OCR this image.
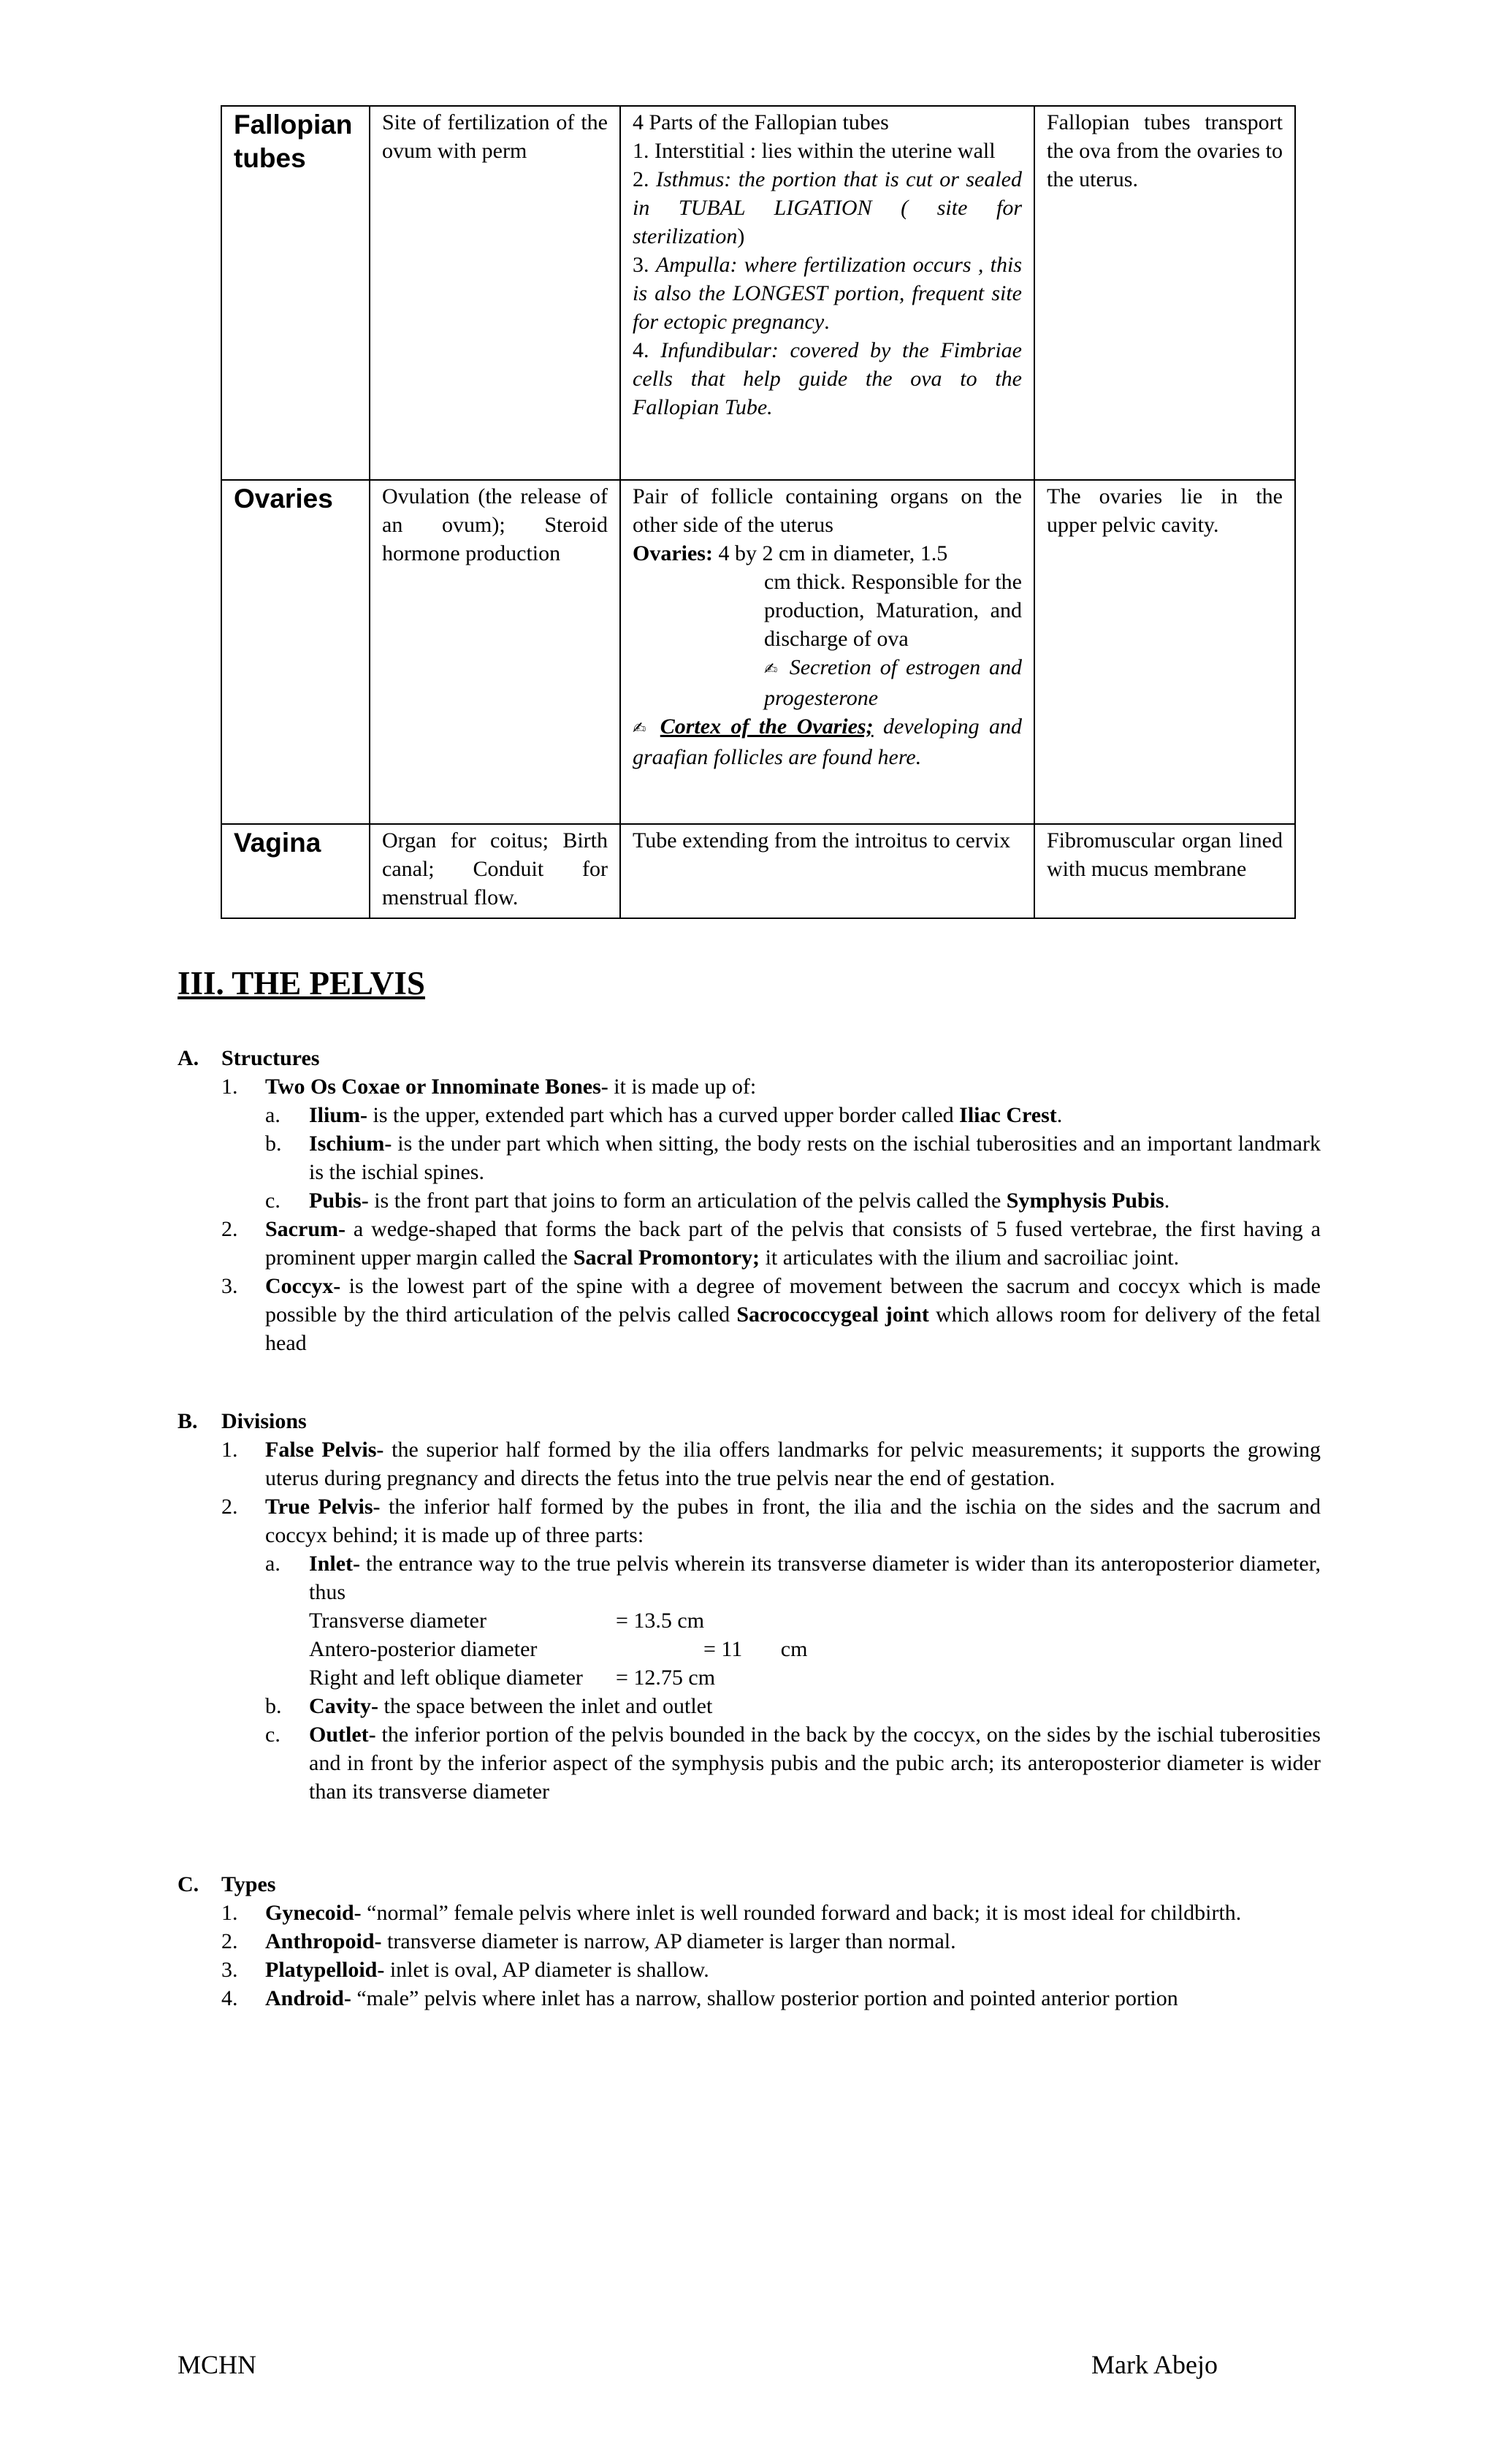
Fallopian tubes	Site of fertilization of the ovum with perm	4 Parts of the Fallopian tubes
1. Interstitial : lies within the uterine wall
2. Isthmus: the portion that is cut or sealed in TUBAL LIGATION ( site for sterilization)
3. Ampulla: where fertilization occurs , this is also the LONGEST portion, frequent site for ectopic pregnancy.
4. Infundibular: covered by the Fimbriae cells that help guide the ova to the Fallopian Tube.	Fallopian tubes transport the ova from the ovaries to the uterus.
Ovaries	Ovulation (the release of an ovum); Steroid hormone production	Pair of follicle containing organs on the other side of the uterus
Ovaries: 4 by 2 cm in diameter, 1.5
cm thick. Responsible for the production, Maturation, and discharge of ova
✍ Secretion of estrogen and progesterone
✍ Cortex of the Ovaries; developing and graafian follicles are found here.	The ovaries lie in the upper pelvic cavity.
Vagina	Organ for coitus; Birth canal; Conduit for menstrual flow.	Tube extending from the introitus to cervix	Fibromuscular organ lined with mucus membrane
III. THE PELVIS
A.	Structures
1.	Two Os Coxae or Innominate Bones- it is made up of:
a.	Ilium- is the upper, extended part which has a curved upper border called Iliac Crest.
b.	Ischium- is the under part which when sitting, the body rests on the ischial tuberosities and an important landmark is the ischial spines.
c.	Pubis- is the front part that joins to form an articulation of the pelvis called the Symphysis Pubis.
2.	Sacrum- a wedge-shaped that forms the back part of the pelvis that consists of 5 fused vertebrae, the first having a prominent upper margin called the Sacral Promontory; it articulates with the ilium and sacroiliac joint.
3.	Coccyx- is the lowest part of the spine with a degree of movement between the sacrum and coccyx which is made possible by the third articulation of the pelvis called Sacrococcygeal joint which allows room for delivery of the fetal head
B.	Divisions
1.	False Pelvis- the superior half formed by the ilia offers landmarks for pelvic measurements; it supports the growing uterus during pregnancy and directs the fetus into the true pelvis near the end of gestation.
2.	True Pelvis- the inferior half formed by the pubes in front, the ilia and the ischia on the sides and the sacrum and coccyx behind; it is made up of three parts:
a.	Inlet- the entrance way to the true pelvis wherein its transverse diameter is wider than its anteroposterior diameter, thus
Transverse diameter	= 13.5 cm
Antero-posterior diameter	= 11       cm
Right and left oblique diameter	= 12.75 cm
b.	Cavity- the space between the inlet and outlet
c.	Outlet- the inferior portion of the pelvis bounded in the back by the coccyx, on the sides by the ischial tuberosities and in front by the inferior aspect of the symphysis pubis and the pubic arch; its anteroposterior diameter is wider than its transverse diameter
C.	Types
1.	Gynecoid- “normal” female pelvis where inlet is well rounded forward and back; it is most ideal for childbirth.
2.	Anthropoid- transverse diameter is narrow, AP diameter is larger than normal.
3.	Platypelloid- inlet is oval, AP diameter is shallow.
4.	Android- “male” pelvis where inlet has a narrow, shallow posterior portion and pointed anterior portion
MCHN	Mark Abejo
